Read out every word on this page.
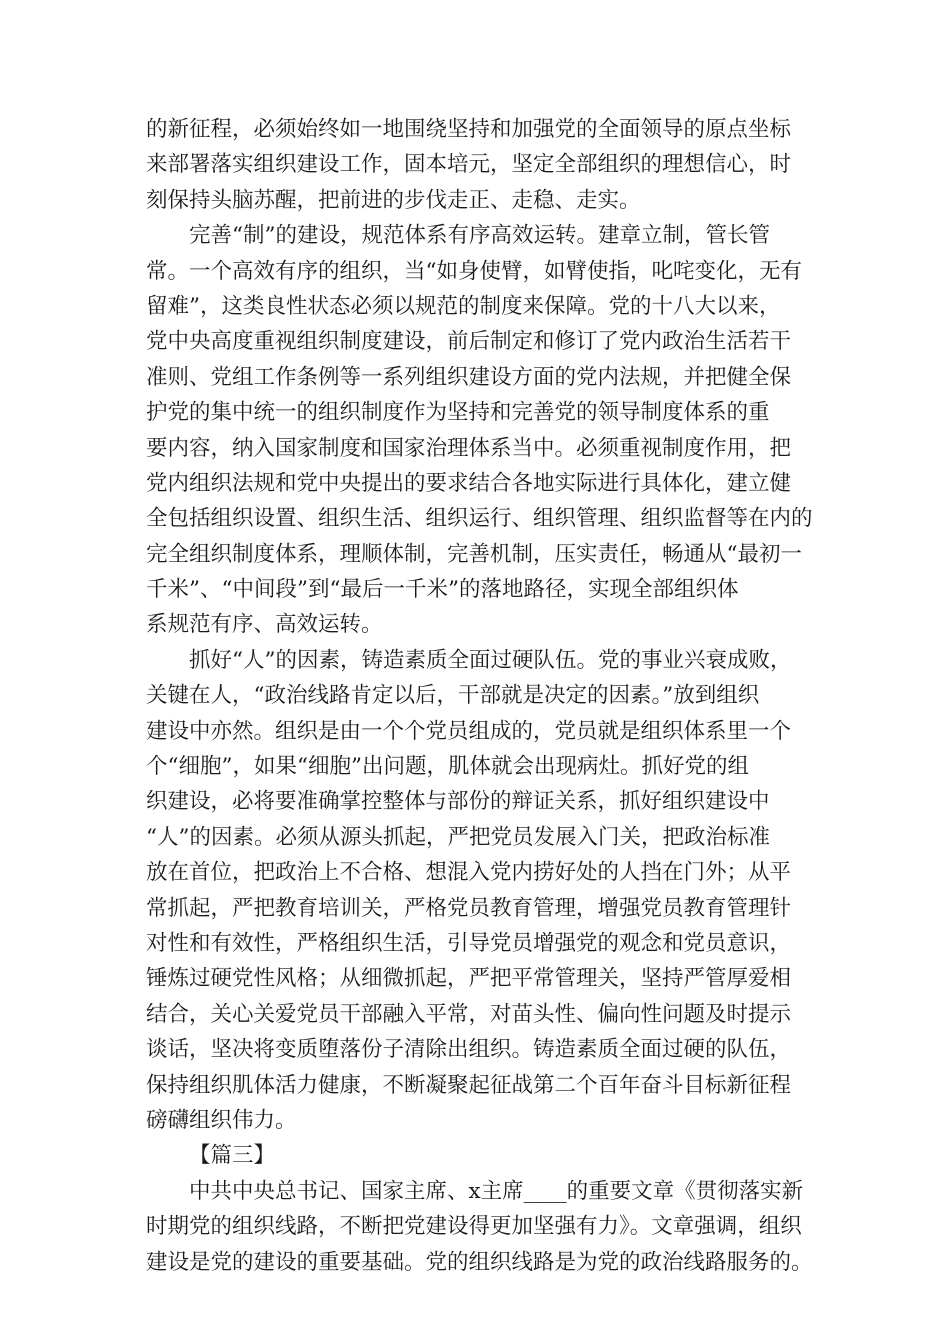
的新征程，必须始终如一地围绕坚持和加强党的全面领导的原点坐标
来部署落实组织建设工作，固本培元，坚定全部组织的理想信心，时
刻保持头脑苏醒，把前进的步伐走正、走稳、走实。
完善“制”的建设，规范体系有序高效运转。建章立制，管长管
常。一个高效有序的组织，当“如身使臂，如臂使指，叱咤变化，无有
留难”，这类良性状态必须以规范的制度来保障。党的十八大以来，
党中央高度重视组织制度建设，前后制定和修订了党内政治生活若干
准则、党组工作条例等一系列组织建设方面的党内法规，并把健全保
护党的集中统一的组织制度作为坚持和完善党的领导制度体系的重
要内容，纳入国家制度和国家治理体系当中。必须重视制度作用，把
党内组织法规和党中央提出的要求结合各地实际进行具体化，建立健
全包括组织设置、组织生活、组织运行、组织管理、组织监督等在内的
完全组织制度体系，理顺体制，完善机制，压实责任，畅通从“最初一
千米”、“中间段”到“最后一千米”的落地路径，实现全部组织体
系规范有序、高效运转。
抓好“人”的因素，铸造素质全面过硬队伍。党的事业兴衰成败，
关键在人，“政治线路肯定以后，干部就是决定的因素。”放到组织
建设中亦然。组织是由一个个党员组成的，党员就是组织体系里一个
个“细胞”，如果“细胞”出问题，肌体就会出现病灶。抓好党的组
织建设，必将要准确掌控整体与部份的辩证关系，抓好组织建设中
“人”的因素。必须从源头抓起，严把党员发展入门关，把政治标准
放在首位，把政治上不合格、想混入党内捞好处的人挡在门外；从平
常抓起，严把教育培训关，严格党员教育管理，增强党员教育管理针
对性和有效性，严格组织生活，引导党员增强党的观念和党员意识，
锤炼过硬党性风格；从细微抓起，严把平常管理关，坚持严管厚爱相
结合，关心关爱党员干部融入平常，对苗头性、偏向性问题及时提示
谈话，坚决将变质堕落份子清除出组织。铸造素质全面过硬的队伍，
保持组织肌体活力健康，不断凝聚起征战第二个百年奋斗目标新征程
磅礴组织伟力。
【篇三】
中共中央总书记、国家主席、x主席____的重要文章《贯彻落实新
时期党的组织线路，不断把党建设得更加坚强有力》。文章强调，组织
建设是党的建设的重要基础。党的组织线路是为党的政治线路服务的。
